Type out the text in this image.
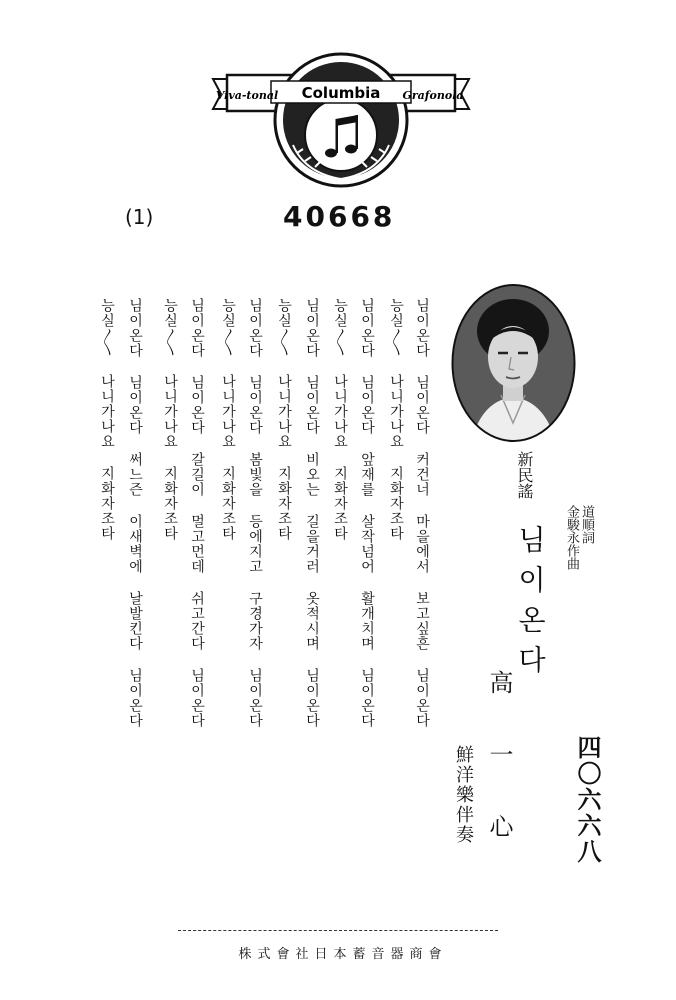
Columbia
Viva-tonal	Grafonola
(1)	40668
님이온다 님이온다 커건너 마을에서 보고싶흔 님이온다
능실〳〵 나니가나요 지화자조타
님이온다 님이온다 앞재를 살작넘어 활개치며 님이온다
능실〳〵 나니가나요 지화자조타
님이온다 님이온다 비오는 길을거러 옷적시며 님이온다
능실〳〵 나니가나요 지화자조타
님이온다 님이온다 봄빛을 등에지고 구경가자 님이온다
능실〳〵 나니가나요 지화자조타
님이온다 님이온다 갈길이 멀고먼데 쉬고간다 님이온다
능실〳〵 나니가나요 지화자조타
님이온다 님이온다 써느즌 이새벽에 날발킨다 님이온다
능실〳〵 나니가나요 지화자조타	新民謠
님이온다
道順詞
金駿永作曲
高一心
鮮洋樂伴奏	四〇六六八
株式會社日本蓄音器商會
